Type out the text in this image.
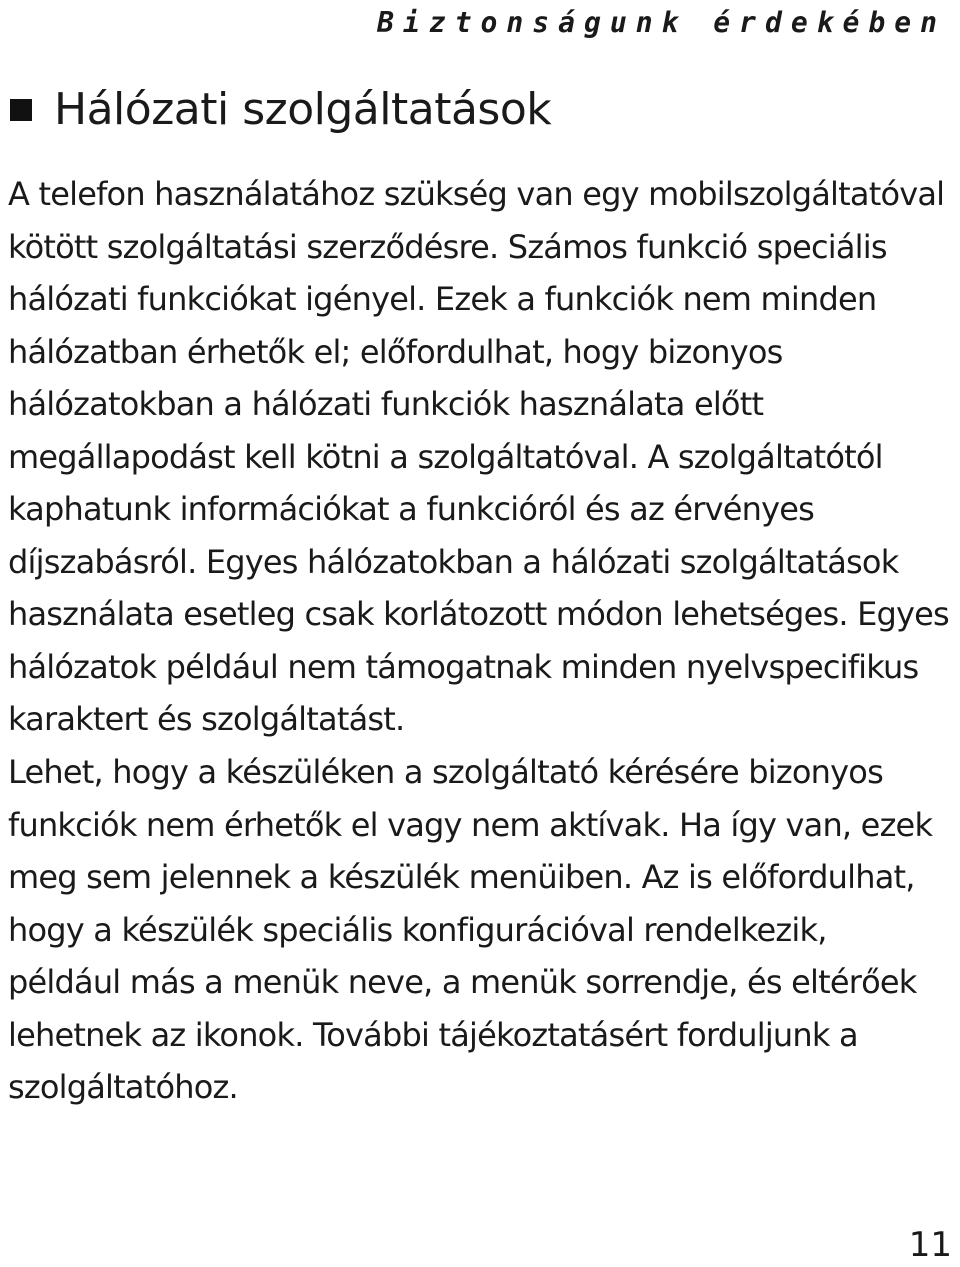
Biztonságunk érdekében
Hálózati szolgáltatások
A telefon használatához szükség van egy mobilszolgáltatóval
kötött szolgáltatási szerződésre. Számos funkció speciális
hálózati funkciókat igényel. Ezek a funkciók nem minden
hálózatban érhetők el; előfordulhat, hogy bizonyos
hálózatokban a hálózati funkciók használata előtt
megállapodást kell kötni a szolgáltatóval. A szolgáltatótól
kaphatunk információkat a funkcióról és az érvényes
díjszabásról. Egyes hálózatokban a hálózati szolgáltatások
használata esetleg csak korlátozott módon lehetséges. Egyes
hálózatok például nem támogatnak minden nyelvspecifikus
karaktert és szolgáltatást.
Lehet, hogy a készüléken a szolgáltató kérésére bizonyos
funkciók nem érhetők el vagy nem aktívak. Ha így van, ezek
meg sem jelennek a készülék menüiben. Az is előfordulhat,
hogy a készülék speciális konfigurációval rendelkezik,
például más a menük neve, a menük sorrendje, és eltérőek
lehetnek az ikonok. További tájékoztatásért forduljunk a
szolgáltatóhoz.
11
